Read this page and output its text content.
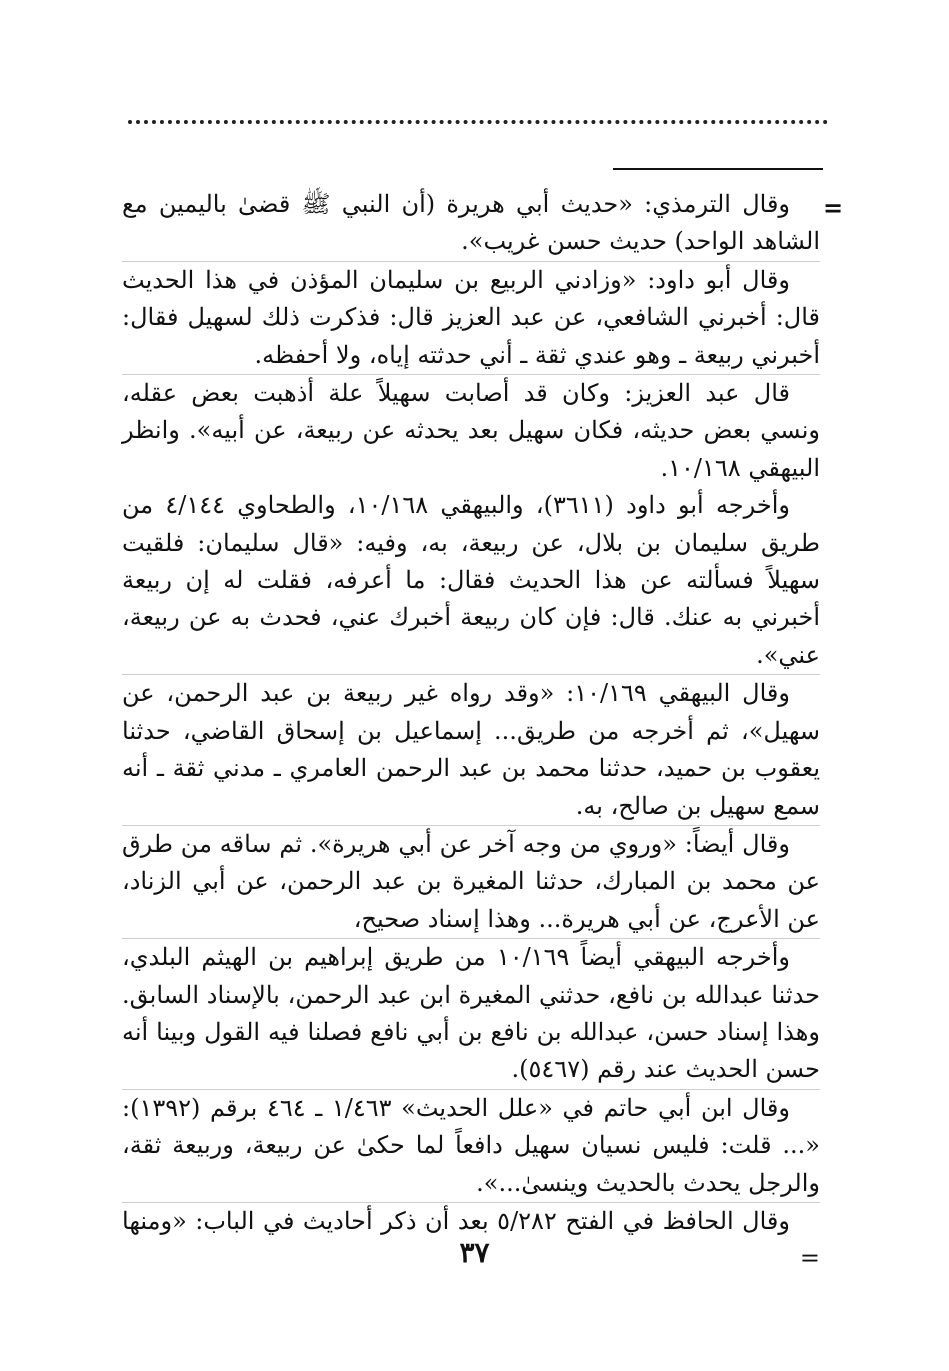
=

وقال الترمذي: «حديث أبي هريرة (أن النبي ﷺ قضىٰ باليمين مع الشاهد الواحد) حديث حسن غريب».

وقال أبو داود: «وزادني الربيع بن سليمان المؤذن في هذا الحديث قال: أخبرني الشافعي، عن عبد العزيز قال: فذكرت ذلك لسهيل فقال: أخبرني ربيعة ـ وهو عندي ثقة ـ أني حدثته إياه، ولا أحفظه.

قال عبد العزيز: وكان قد أصابت سهيلاً علة أذهبت بعض عقله، ونسي بعض حديثه، فكان سهيل بعد يحدثه عن ربيعة، عن أبيه». وانظر البيهقي ١٠/١٦٨.

وأخرجه أبو داود (٣٦١١)، والبيهقي ١٠/١٦٨، والطحاوي ٤/١٤٤ من طريق سليمان بن بلال، عن ربيعة، به، وفيه: «قال سليمان: فلقيت سهيلاً فسألته عن هذا الحديث فقال: ما أعرفه، فقلت له إن ربيعة أخبرني به عنك. قال: فإن كان ربيعة أخبرك عني، فحدث به عن ربيعة، عني».

وقال البيهقي ١٠/١٦٩: «وقد رواه غير ربيعة بن عبد الرحمن، عن سهيل»، ثم أخرجه من طريق... إسماعيل بن إسحاق القاضي، حدثنا يعقوب بن حميد، حدثنا محمد بن عبد الرحمن العامري ـ مدني ثقة ـ أنه سمع سهيل بن صالح، به.

وقال أيضاً: «وروي من وجه آخر عن أبي هريرة». ثم ساقه من طرق عن محمد بن المبارك، حدثنا المغيرة بن عبد الرحمن، عن أبي الزناد، عن الأعرج، عن أبي هريرة... وهذا إسناد صحيح،

وأخرجه البيهقي أيضاً ١٠/١٦٩ من طريق إبراهيم بن الهيثم البلدي، حدثنا عبدالله بن نافع، حدثني المغيرة ابن عبد الرحمن، بالإسناد السابق. وهذا إسناد حسن، عبدالله بن نافع بن أبي نافع فصلنا فيه القول وبينا أنه حسن الحديث عند رقم (٥٤٦٧).

وقال ابن أبي حاتم في «علل الحديث» ١/٤٦٣ ـ ٤٦٤ برقم (١٣٩٢): «... قلت: فليس نسيان سهيل دافعاً لما حكىٰ عن ربيعة، وربيعة ثقة، والرجل يحدث بالحديث وينسىٰ...».

وقال الحافظ في الفتح ٥/٢٨٢ بعد أن ذكر أحاديث في الباب: «ومنها =

٣٧
